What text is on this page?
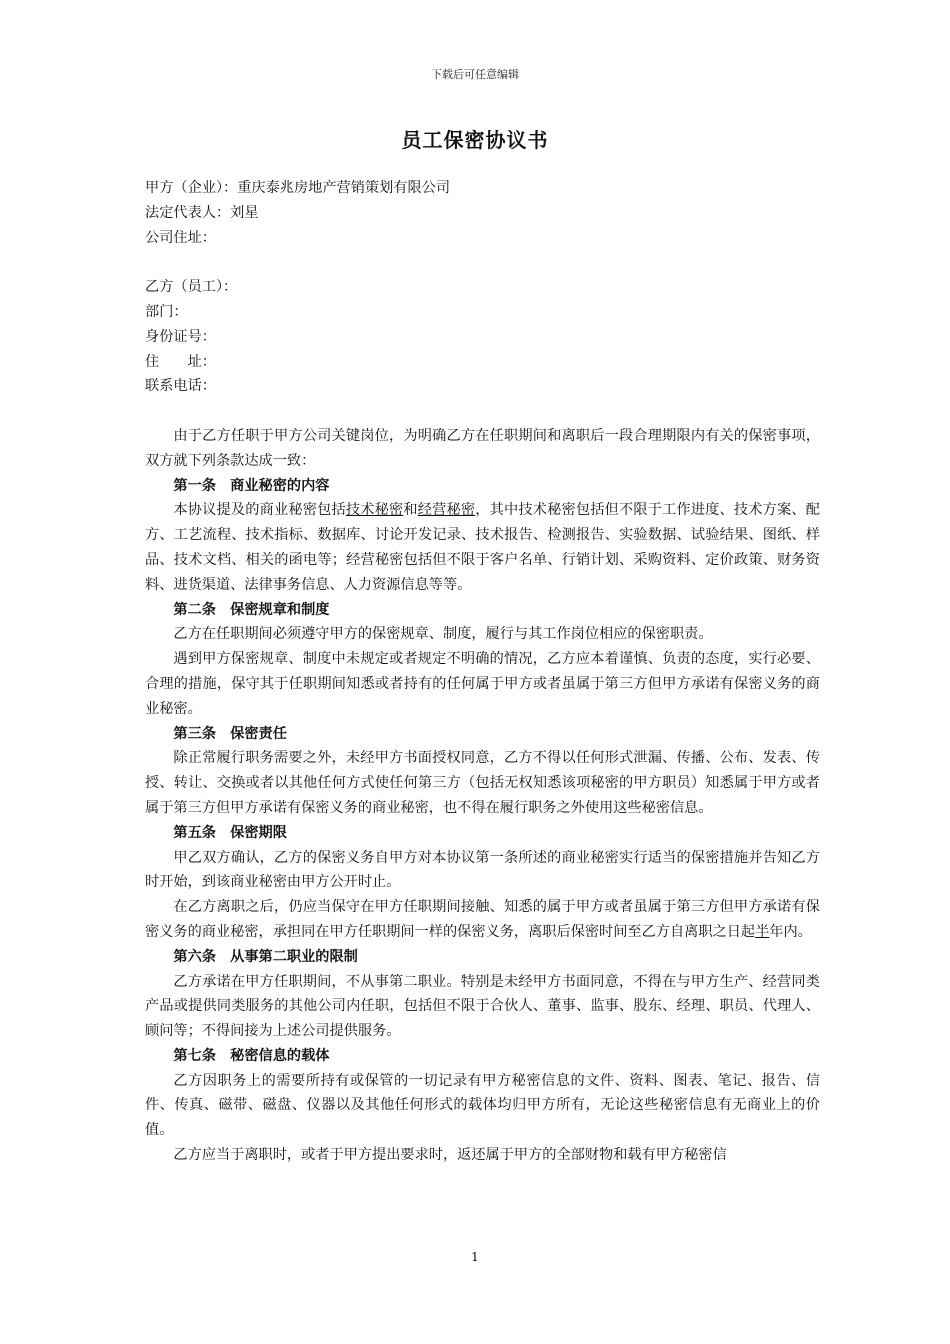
下载后可任意编辑
员工保密协议书

甲方（企业）：重庆泰兆房地产营销策划有限公司

法定代表人：刘星

公司住址：

乙方（员工）：

部门：

身份证号：

住　　址：

联系电话：

由于乙方任职于甲方公司关键岗位，为明确乙方在任职期间和离职后一段合理期限内有关的保密事项，双方就下列条款达成一致：

第一条　商业秘密的内容

本协议提及的商业秘密包括技术秘密和经营秘密，其中技术秘密包括但不限于工作进度、技术方案、配方、工艺流程、技术指标、数据库、讨论开发记录、技术报告、检测报告、实验数据、试验结果、图纸、样品、技术文档、相关的函电等；经营秘密包括但不限于客户名单、行销计划、采购资料、定价政策、财务资料、进货渠道、法律事务信息、人力资源信息等等。

第二条　保密规章和制度

乙方在任职期间必须遵守甲方的保密规章、制度，履行与其工作岗位相应的保密职责。

遇到甲方保密规章、制度中未规定或者规定不明确的情况，乙方应本着谨慎、负责的态度，实行必要、合理的措施，保守其于任职期间知悉或者持有的任何属于甲方或者虽属于第三方但甲方承诺有保密义务的商业秘密。

第三条　保密责任

除正常履行职务需要之外，未经甲方书面授权同意，乙方不得以任何形式泄漏、传播、公布、发表、传授、转让、交换或者以其他任何方式使任何第三方（包括无权知悉该项秘密的甲方职员）知悉属于甲方或者属于第三方但甲方承诺有保密义务的商业秘密，也不得在履行职务之外使用这些秘密信息。

第五条　保密期限

甲乙双方确认，乙方的保密义务自甲方对本协议第一条所述的商业秘密实行适当的保密措施并告知乙方时开始，到该商业秘密由甲方公开时止。

在乙方离职之后，仍应当保守在甲方任职期间接触、知悉的属于甲方或者虽属于第三方但甲方承诺有保密义务的商业秘密，承担同在甲方任职期间一样的保密义务，离职后保密时间至乙方自离职之日起半年内。

第六条　从事第二职业的限制

乙方承诺在甲方任职期间，不从事第二职业。特别是未经甲方书面同意，不得在与甲方生产、经营同类产品或提供同类服务的其他公司内任职，包括但不限于合伙人、董事、监事、股东、经理、职员、代理人、顾问等；不得间接为上述公司提供服务。

第七条　秘密信息的载体

乙方因职务上的需要所持有或保管的一切记录有甲方秘密信息的文件、资料、图表、笔记、报告、信件、传真、磁带、磁盘、仪器以及其他任何形式的载体均归甲方所有，无论这些秘密信息有无商业上的价值。

乙方应当于离职时，或者于甲方提出要求时，返还属于甲方的全部财物和载有甲方秘密信

1
